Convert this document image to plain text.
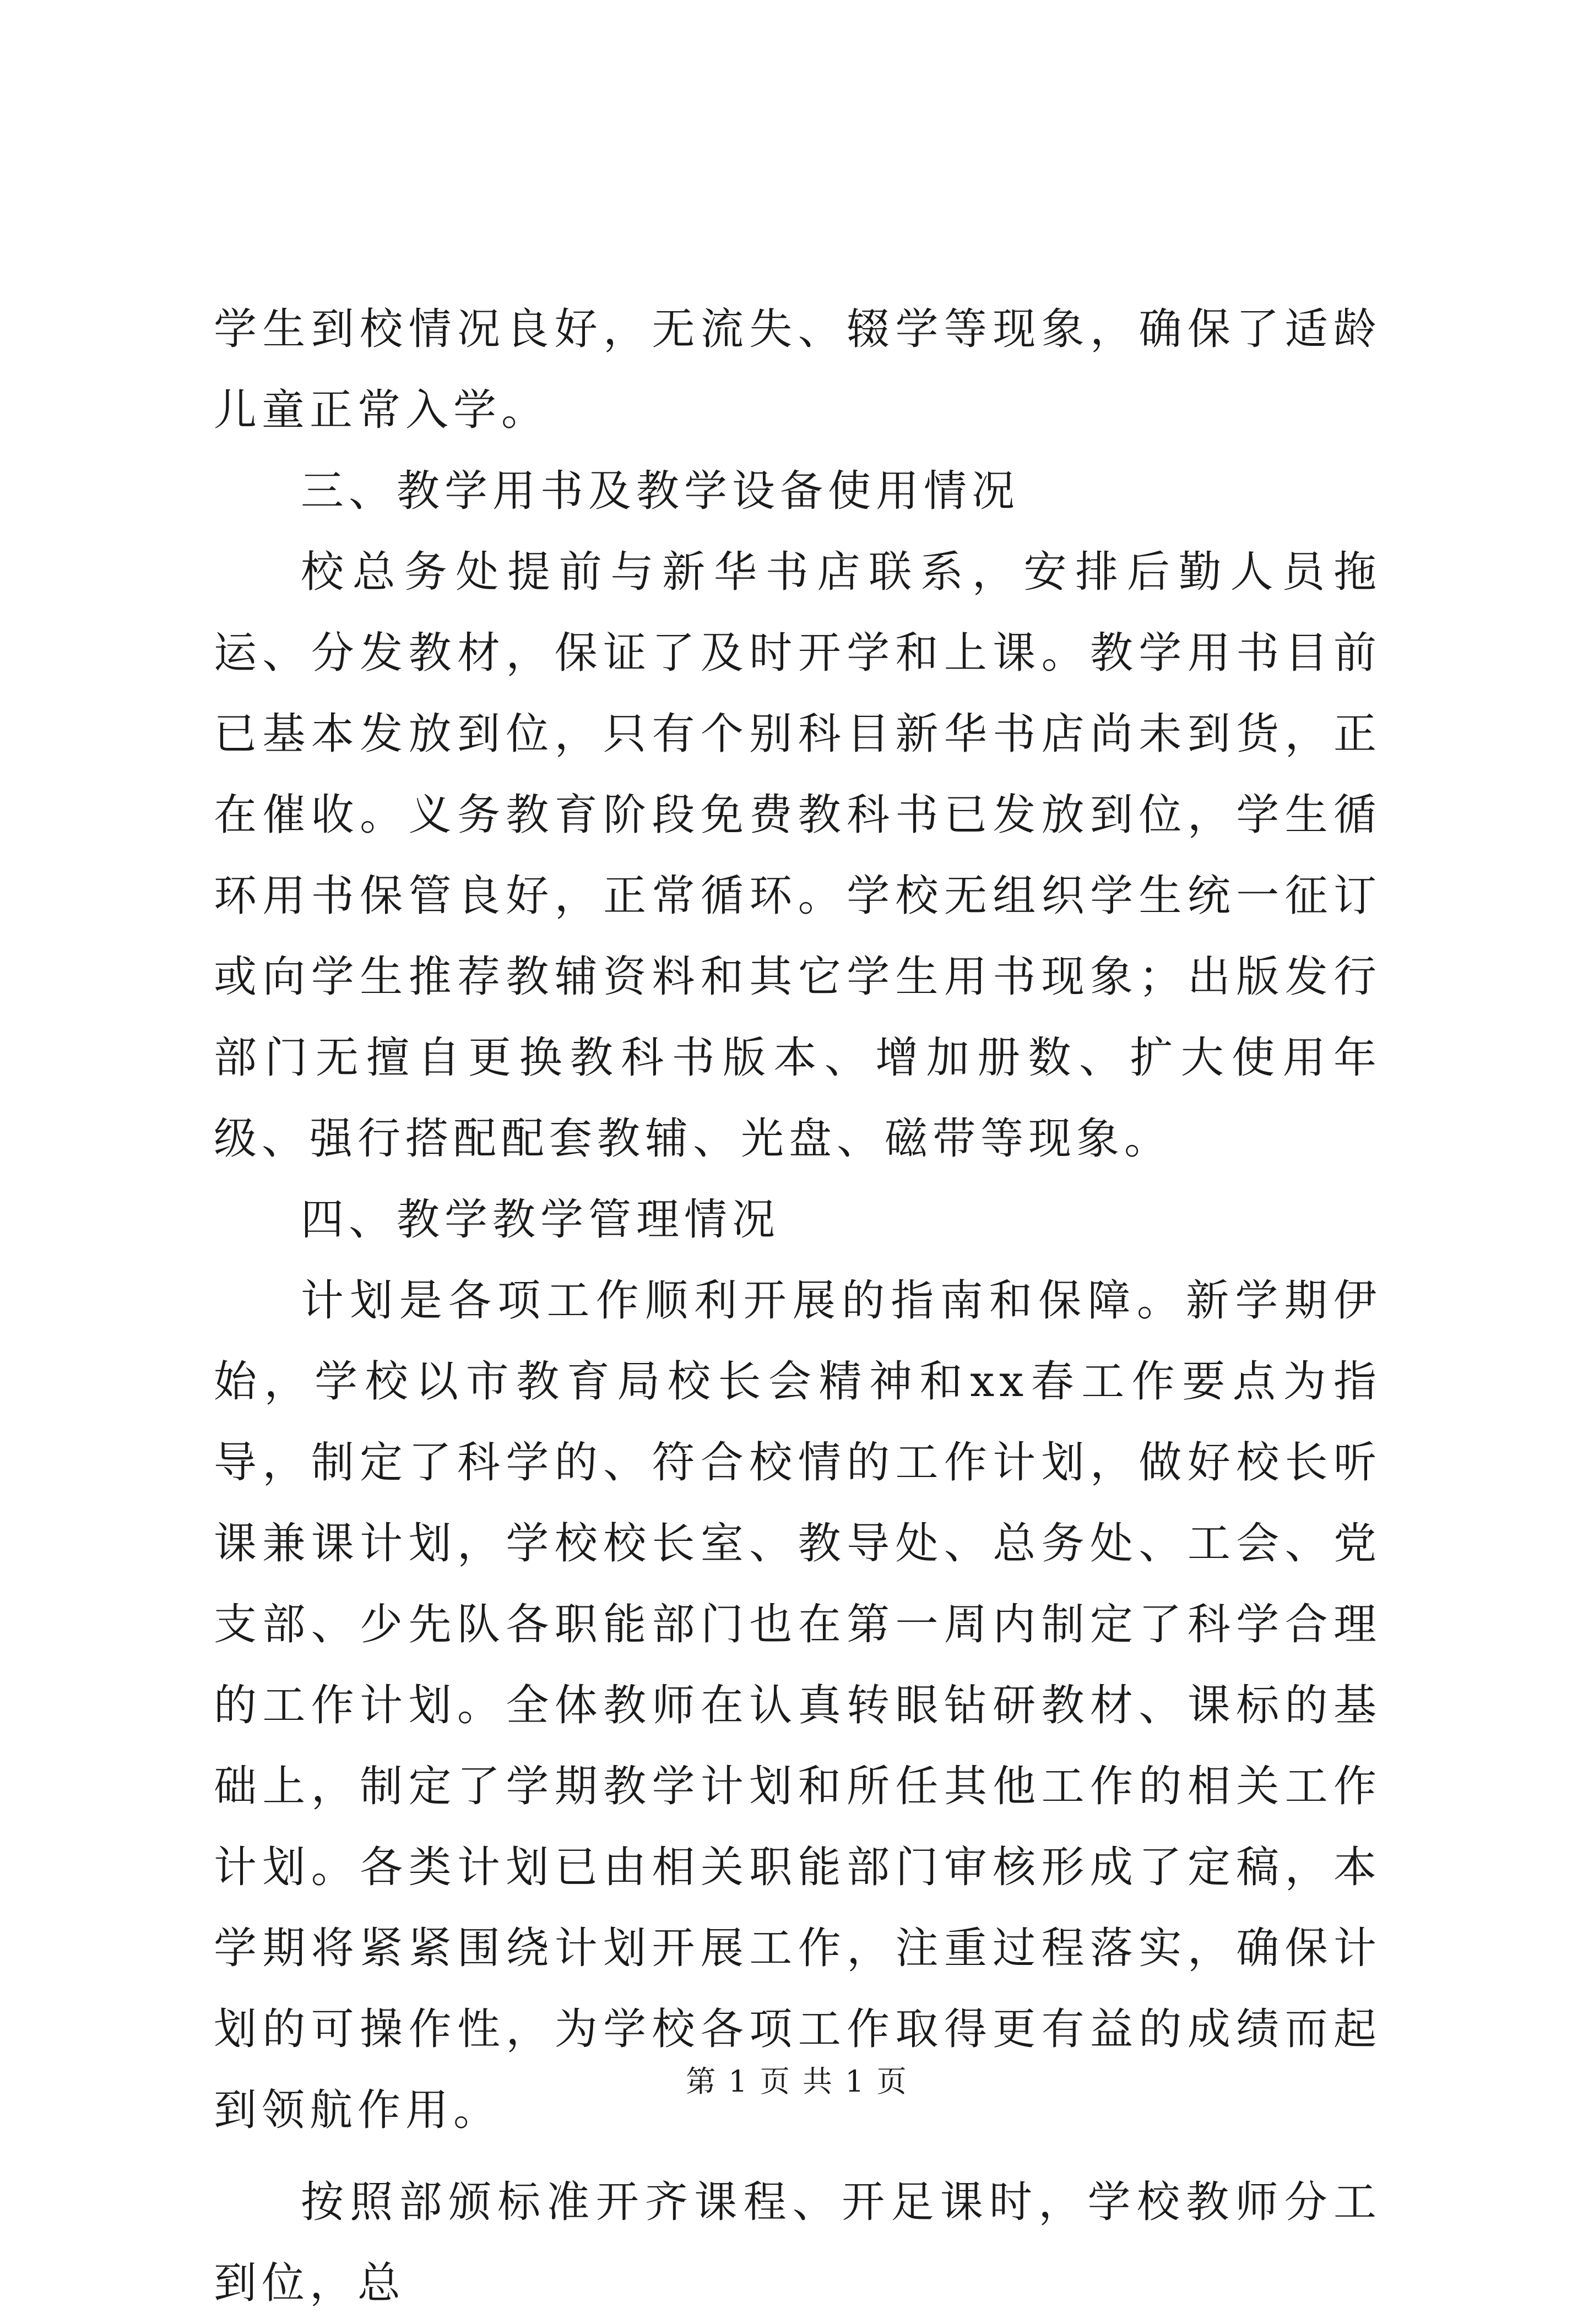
学生到校情况良好，无流失、辍学等现象，确保了适龄儿童正常入学。

三、教学用书及教学设备使用情况

校总务处提前与新华书店联系，安排后勤人员拖运、分发教材，保证了及时开学和上课。教学用书目前已基本发放到位，只有个别科目新华书店尚未到货，正在催收。义务教育阶段免费教科书已发放到位，学生循环用书保管良好，正常循环。学校无组织学生统一征订或向学生推荐教辅资料和其它学生用书现象；出版发行部门无擅自更换教科书版本、增加册数、扩大使用年级、强行搭配配套教辅、光盘、磁带等现象。

四、教学教学管理情况

计划是各项工作顺利开展的指南和保障。新学期伊始，学校以市教育局校长会精神和xx春工作要点为指导，制定了科学的、符合校情的工作计划，做好校长听课兼课计划，学校校长室、教导处、总务处、工会、党支部、少先队各职能部门也在第一周内制定了科学合理的工作计划。全体教师在认真转眼钻研教材、课标的基础上，制定了学期教学计划和所任其他工作的相关工作计划。各类计划已由相关职能部门审核形成了定稿，本学期将紧紧围绕计划开展工作，注重过程落实，确保计划的可操作性，为学校各项工作取得更有益的成绩而起到领航作用。

按照部颁标准开齐课程、开足课时，学校教师分工到位，总

第 1 页 共 1 页
